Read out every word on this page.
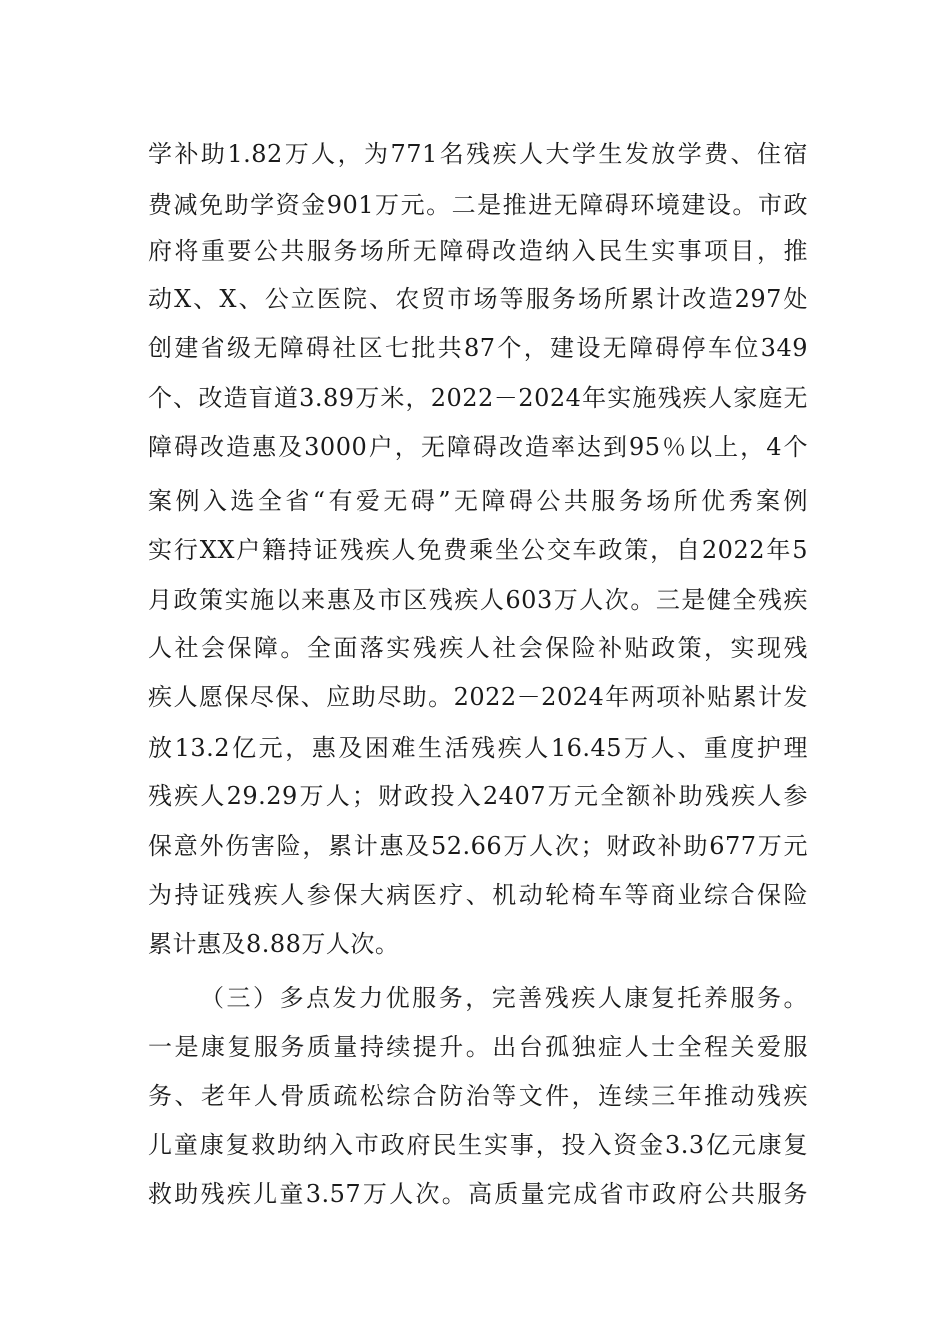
学补助1.82万人，为771名残疾人大学生发放学费、住宿
费减免助学资金901万元。二是推进无障碍环境建设。市政
府将重要公共服务场所无障碍改造纳入民生实事项目，推
动X、X、公立医院、农贸市场等服务场所累计改造297处
创建省级无障碍社区七批共87个，建设无障碍停车位349
个、改造盲道3.89万米，2022－2024年实施残疾人家庭无
障碍改造惠及3000户，无障碍改造率达到95％以上，4个
案例入选全省“有爱无碍”无障碍公共服务场所优秀案例
实行XX户籍持证残疾人免费乘坐公交车政策，自2022年5
月政策实施以来惠及市区残疾人603万人次。三是健全残疾
人社会保障。全面落实残疾人社会保险补贴政策，实现残
疾人愿保尽保、应助尽助。2022－2024年两项补贴累计发
放13.2亿元，惠及困难生活残疾人16.45万人、重度护理
残疾人29.29万人；财政投入2407万元全额补助残疾人参
保意外伤害险，累计惠及52.66万人次；财政补助677万元
为持证残疾人参保大病医疗、机动轮椅车等商业综合保险
累计惠及8.88万人次。
（三）多点发力优服务，完善残疾人康复托养服务。
一是康复服务质量持续提升。出台孤独症人士全程关爱服
务、老年人骨质疏松综合防治等文件，连续三年推动残疾
儿童康复救助纳入市政府民生实事，投入资金3.3亿元康复
救助残疾儿童3.57万人次。高质量完成省市政府公共服务
